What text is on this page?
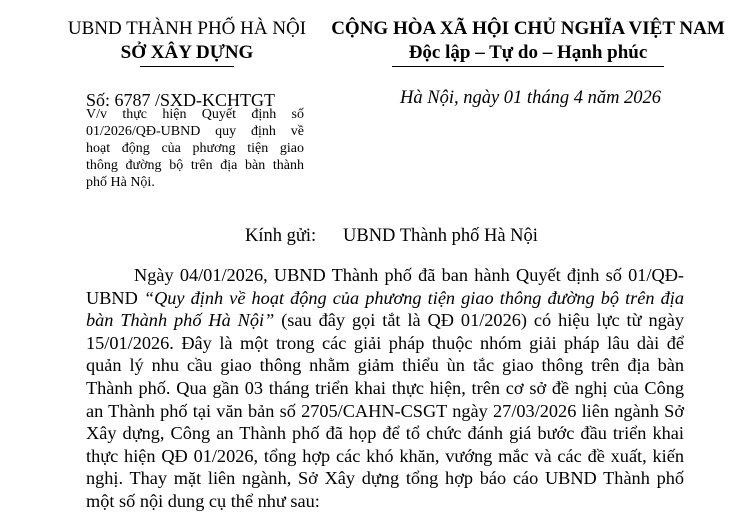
UBND THÀNH PHỐ HÀ NỘI
SỞ XÂY DỰNG
CỘNG HÒA XÃ HỘI CHỦ NGHĨA VIỆT NAM
Độc lập – Tự do – Hạnh phúc
Số: 6787 /SXD-KCHTGT	Hà Nội, ngày 01 tháng 4 năm 2026
V/v thực hiện Quyết định số
01/2026/QĐ-UBND quy định về
hoạt động của phương tiện giao
thông đường bộ trên địa bàn thành
phố Hà Nội.
Kính gửi: UBND Thành phố Hà Nội
Ngày 04/01/2026, UBND Thành phố đã ban hành Quyết định số 01/QĐ-
UBND “Quy định về hoạt động của phương tiện giao thông đường bộ trên địa
bàn Thành phố Hà Nội” (sau đây gọi tắt là QĐ 01/2026) có hiệu lực từ ngày
15/01/2026. Đây là một trong các giải pháp thuộc nhóm giải pháp lâu dài để
quản lý nhu cầu giao thông nhằm giảm thiểu ùn tắc giao thông trên địa bàn
Thành phố. Qua gần 03 tháng triển khai thực hiện, trên cơ sở đề nghị của Công
an Thành phố tại văn bản số 2705/CAHN-CSGT ngày 27/03/2026 liên ngành Sở
Xây dựng, Công an Thành phố đã họp để tổ chức đánh giá bước đầu triển khai
thực hiện QĐ 01/2026, tổng hợp các khó khăn, vướng mắc và các đề xuất, kiến
nghị. Thay mặt liên ngành, Sở Xây dựng tổng hợp báo cáo UBND Thành phố
một số nội dung cụ thể như sau:
